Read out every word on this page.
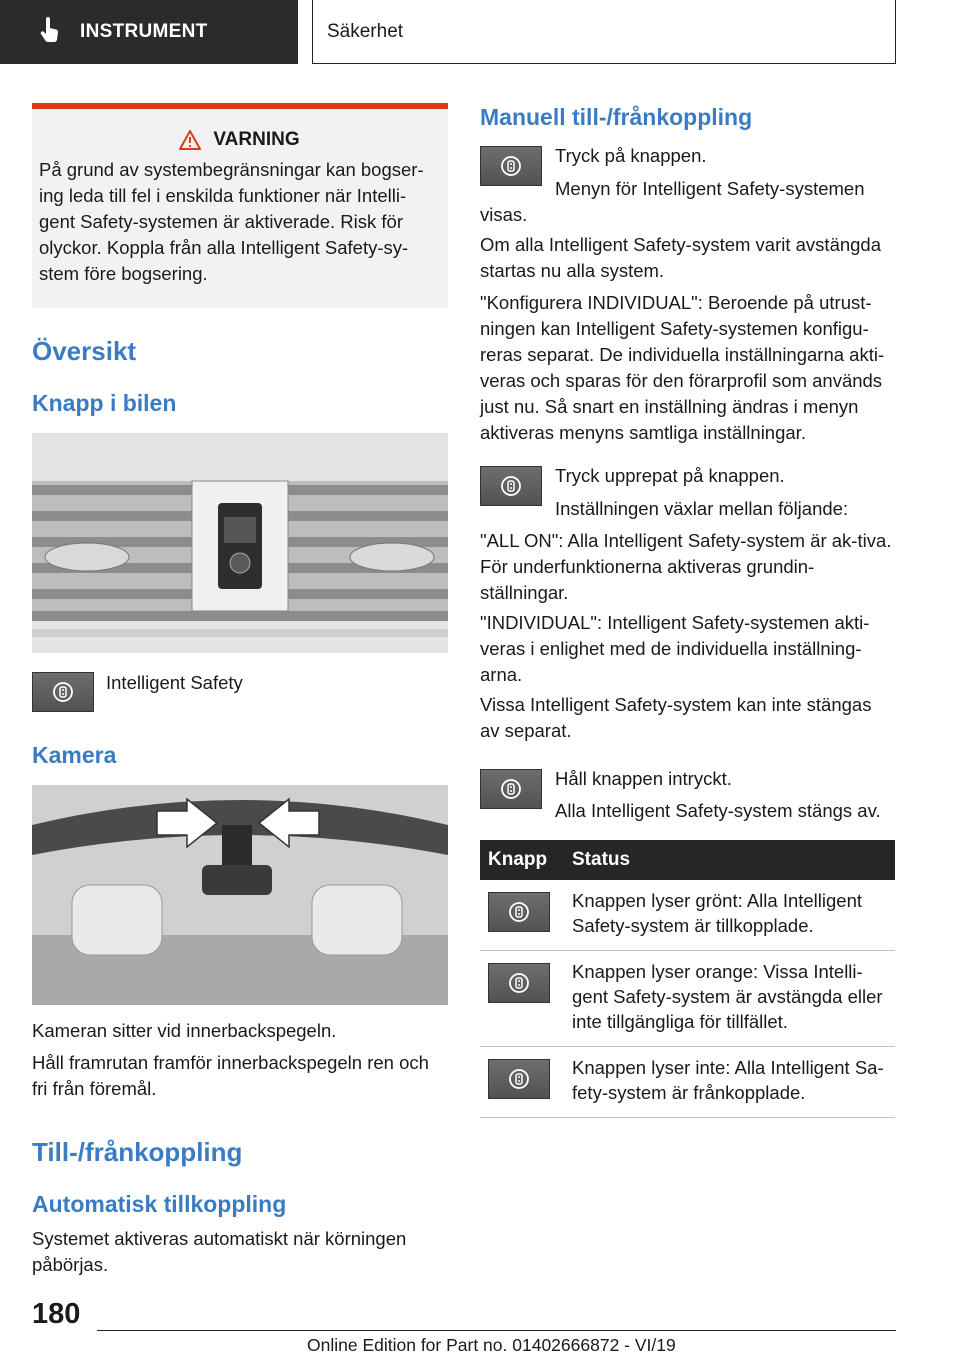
INSTRUMENT	Säkerhet
VARNING

På grund av systembegränsningar kan bogser-ing leda till fel i enskilda funktioner när Intelli-gent Safety-systemen är aktiverade. Risk för olyckor. Koppla från alla Intelligent Safety-sy-stem före bogsering.

Översikt
Knapp i bilen

Intelligent Safety

Kamera

Kameran sitter vid innerbackspegeln.

Håll framrutan framför innerbackspegeln ren och fri från föremål.

Till-/frånkoppling
Automatisk tillkoppling

Systemet aktiveras automatiskt när körningen påbörjas.

Manuell till-/frånkoppling

Tryck på knappen.

Menyn för Intelligent Safety-systemen visas.

Om alla Intelligent Safety-system varit avstängda startas nu alla system.

"Konfigurera INDIVIDUAL": Beroende på utrust-ningen kan Intelligent Safety-systemen konfigu-reras separat. De individuella inställningarna akti-veras och sparas för den förarprofil som används just nu. Så snart en inställning ändras i menyn aktiveras menyns samtliga inställningar.

Tryck upprepat på knappen.

Inställningen växlar mellan följande:

"ALL ON": Alla Intelligent Safety-system är ak-tiva. För underfunktionerna aktiveras grundin-ställningar.

"INDIVIDUAL": Intelligent Safety-systemen akti-veras i enlighet med de individuella inställning-arna.

Vissa Intelligent Safety-system kan inte stängas av separat.

Håll knappen intryckt.

Alla Intelligent Safety-system stängs av.

Knapp	Status

	Knappen lyser grönt: Alla Intelligent Safety-system är tillkopplade.

	Knappen lyser orange: Vissa Intelli-gent Safety-system är avstängda eller inte tillgängliga för tillfället.

	Knappen lyser inte: Alla Intelligent Sa-fety-system är frånkopplade.
180
Online Edition for Part no. 01402666872 - VI/19
